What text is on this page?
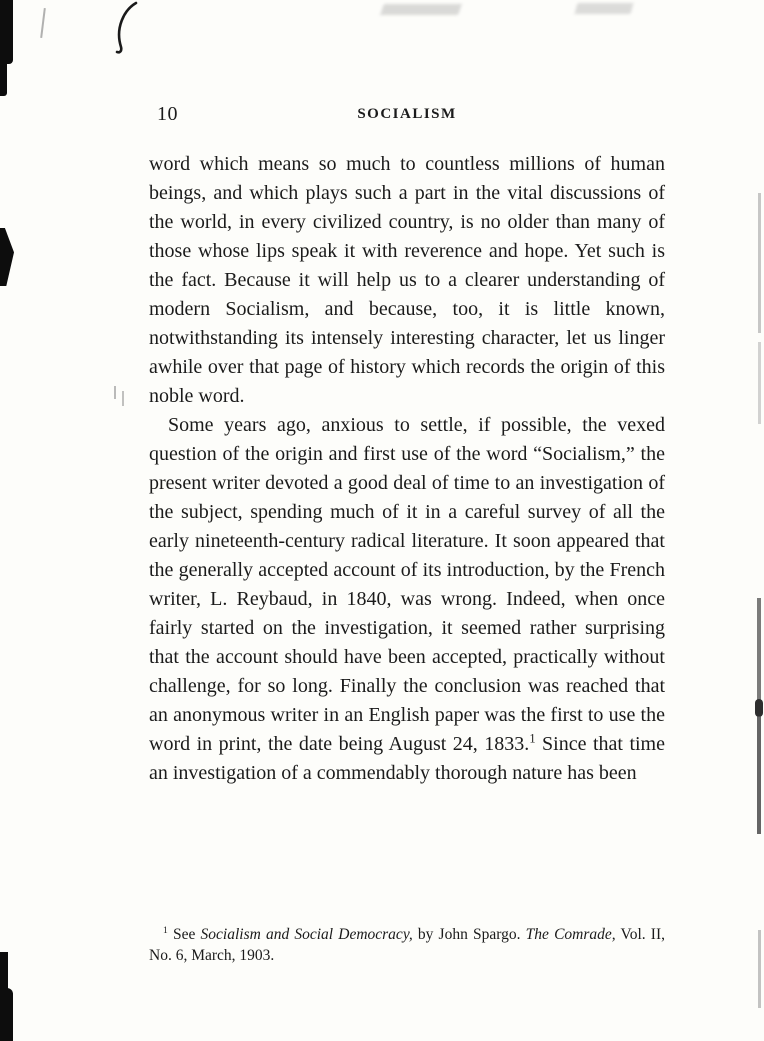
10	SOCIALISM

word which means so much to countless millions of human beings, and which plays such a part in the vital discussions of the world, in every civilized country, is no older than many of those whose lips speak it with reverence and hope. Yet such is the fact. Because it will help us to a clearer understanding of modern Socialism, and because, too, it is little known, notwithstanding its intensely interesting character, let us linger awhile over that page of history which records the origin of this noble word.

Some years ago, anxious to settle, if possible, the vexed question of the origin and first use of the word “Socialism,” the present writer devoted a good deal of time to an investigation of the subject, spending much of it in a careful survey of all the early nineteenth-century radical literature. It soon appeared that the generally accepted account of its introduction, by the French writer, L. Reybaud, in 1840, was wrong. Indeed, when once fairly started on the investigation, it seemed rather surprising that the account should have been accepted, practically without challenge, for so long. Finally the conclusion was reached that an anonymous writer in an English paper was the first to use the word in print, the date being August 24, 1833.$^1$ Since that time an investigation of a commendably thorough nature has been

$^1$ See Socialism and Social Democracy, by John Spargo. The Comrade, Vol. II, No. 6, March, 1903.
